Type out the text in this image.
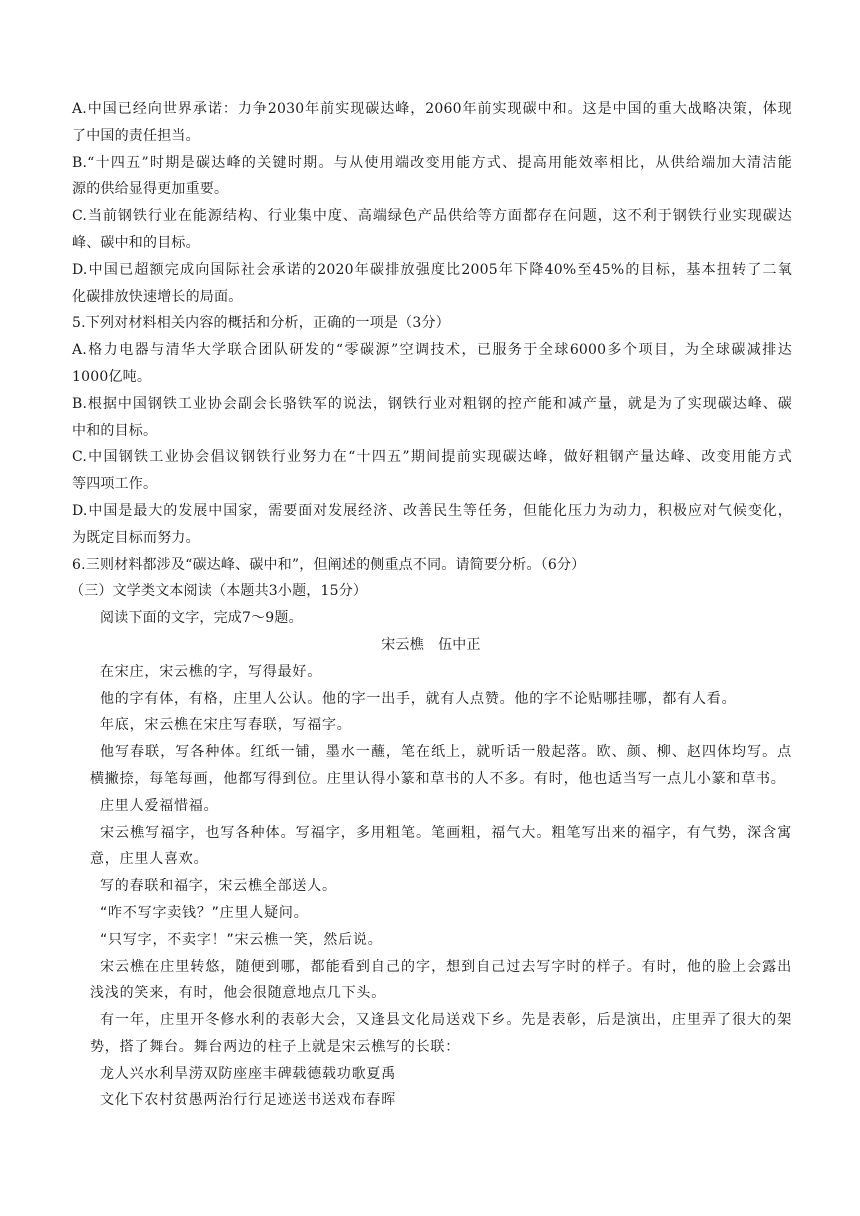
A.中国已经向世界承诺：力争2030年前实现碳达峰，2060年前实现碳中和。这是中国的重大战略决策，体现
了中国的责任担当。
B.“十四五”时期是碳达峰的关键时期。与从使用端改变用能方式、提高用能效率相比，从供给端加大清洁能
源的供给显得更加重要。
C.当前钢铁行业在能源结构、行业集中度、高端绿色产品供给等方面都存在问题，这不利于钢铁行业实现碳达
峰、碳中和的目标。
D.中国已超额完成向国际社会承诺的2020年碳排放强度比2005年下降40%至45%的目标，基本扭转了二氧
化碳排放快速增长的局面。
5.下列对材料相关内容的概括和分析，正确的一项是（3分）
A.格力电器与清华大学联合团队研发的“零碳源”空调技术，已服务于全球6000多个项目，为全球碳减排达
1000亿吨。
B.根据中国钢铁工业协会副会长骆铁军的说法，钢铁行业对粗钢的控产能和减产量，就是为了实现碳达峰、碳
中和的目标。
C.中国钢铁工业协会倡议钢铁行业努力在“十四五”期间提前实现碳达峰，做好粗钢产量达峰、改变用能方式
等四项工作。
D.中国是最大的发展中国家，需要面对发展经济、改善民生等任务，但能化压力为动力，积极应对气候变化，
为既定目标而努力。
6.三则材料都涉及“碳达峰、碳中和”，但阐述的侧重点不同。请简要分析。（6分）
（三）文学类文本阅读（本题共3小题，15分）
阅读下面的文字，完成7～9题。
宋云樵　伍中正
在宋庄，宋云樵的字，写得最好。
他的字有体，有格，庄里人公认。他的字一出手，就有人点赞。他的字不论贴哪挂哪，都有人看。
年底，宋云樵在宋庄写春联，写福字。
他写春联，写各种体。红纸一铺，墨水一蘸，笔在纸上，就听话一般起落。欧、颜、柳、赵四体均写。点
横撇捺，每笔每画，他都写得到位。庄里认得小篆和草书的人不多。有时，他也适当写一点儿小篆和草书。
庄里人爱福惜福。
宋云樵写福字，也写各种体。写福字，多用粗笔。笔画粗，福气大。粗笔写出来的福字，有气势，深含寓
意，庄里人喜欢。
写的春联和福字，宋云樵全部送人。
“咋不写字卖钱？”庄里人疑问。
“只写字，不卖字！”宋云樵一笑，然后说。
宋云樵在庄里转悠，随便到哪，都能看到自己的字，想到自己过去写字时的样子。有时，他的脸上会露出
浅浅的笑来，有时，他会很随意地点几下头。
有一年，庄里开冬修水利的表彰大会，又逢县文化局送戏下乡。先是表彰，后是演出，庄里弄了很大的架
势，搭了舞台。舞台两边的柱子上就是宋云樵写的长联：
龙人兴水利旱涝双防座座丰碑载德载功歌夏禹
文化下农村贫愚两治行行足迹送书送戏布春晖
